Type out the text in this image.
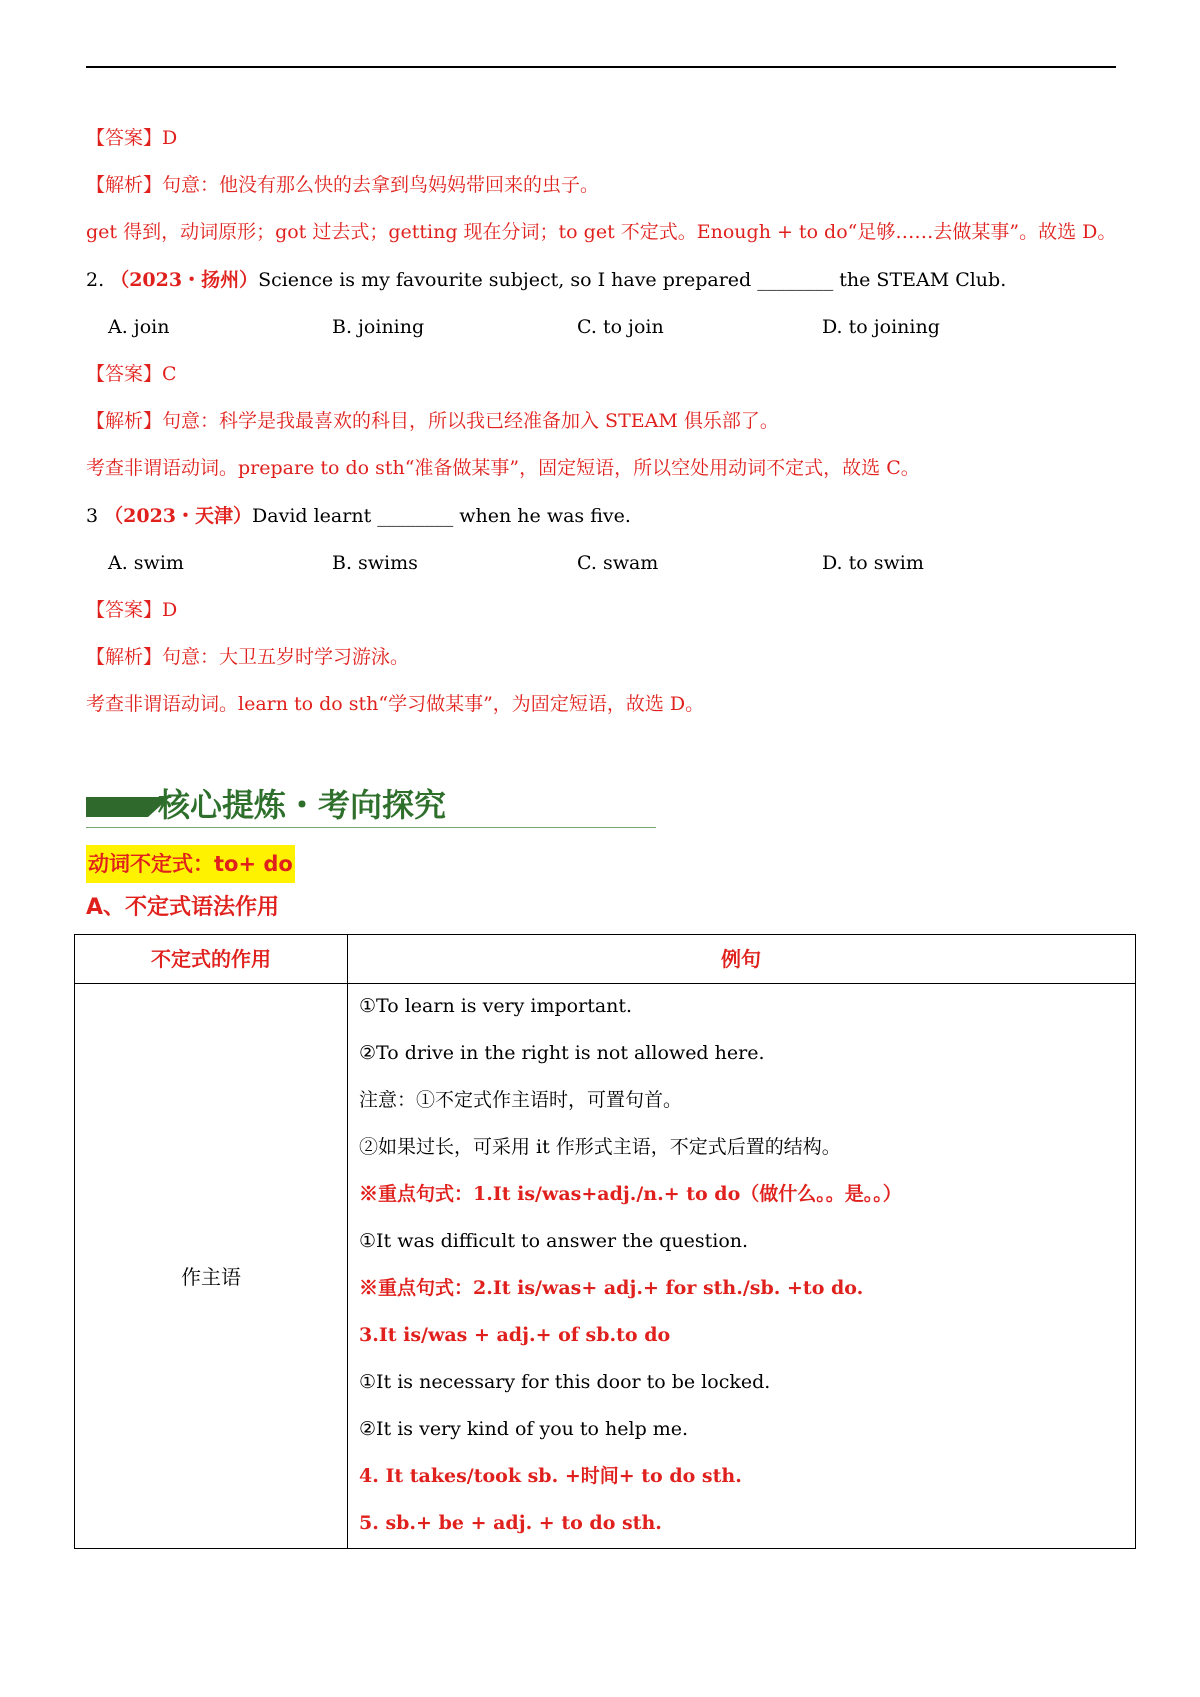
【答案】D
【解析】句意：他没有那么快的去拿到鸟妈妈带回来的虫子。
get 得到，动词原形；got 过去式；getting 现在分词；to get 不定式。Enough + to do“足够……去做某事”。故选 D。
2. （2023・扬州）Science is my favourite subject, so I have prepared ________ the STEAM Club.
A. join	B. joining	C. to join	D. to joining
【答案】C
【解析】句意：科学是我最喜欢的科目，所以我已经准备加入 STEAM 俱乐部了。
考查非谓语动词。prepare to do sth“准备做某事”，固定短语，所以空处用动词不定式，故选 C。
3 （2023・天津）David learnt ________ when he was five.
A. swim	B. swims	C. swam	D. to swim
【答案】D
【解析】句意：大卫五岁时学习游泳。
考查非谓语动词。learn to do sth“学习做某事”，为固定短语，故选 D。
核心提炼・考向探究
动词不定式：to+ do
A、不定式语法作用
不定式的作用	例句
作主语
①To learn is very important.
②To drive in the right is not allowed here.
注意：①不定式作主语时，可置句首。
②如果过长，可采用 it 作形式主语，不定式后置的结构。
※重点句式：1.It is/was+adj./n.+ to do（做什么。。是。。）
①It was difficult to answer the question.
※重点句式：2.It is/was+ adj.+ for sth./sb. +to do.
3.It is/was + adj.+ of sb.to do
①It is necessary for this door to be locked.
②It is very kind of you to help me.
4. It takes/took sb. +时间+ to do sth.
5. sb.+ be + adj. + to do sth.
